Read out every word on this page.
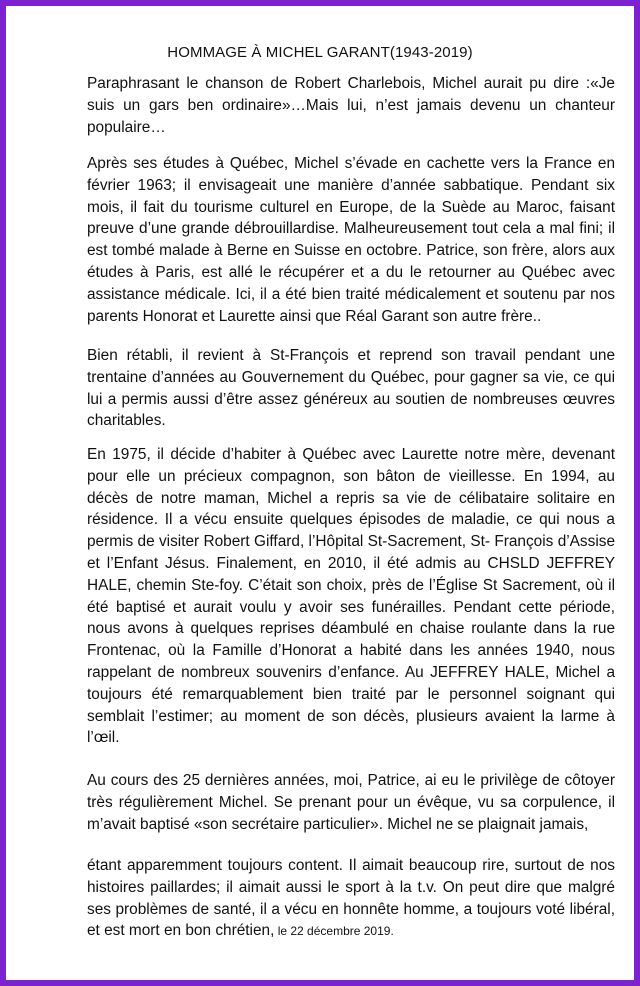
HOMMAGE À MICHEL GARANT(1943-2019)

Paraphrasant le chanson de Robert Charlebois, Michel aurait pu dire :«Je suis un gars ben ordinaire»…Mais lui, n’est jamais devenu un chanteur populaire…

Après ses études à Québec, Michel s’évade en cachette vers la France en février 1963; il envisageait une manière d’année sabbatique. Pendant six mois, il fait du tourisme culturel en Europe, de la Suède au Maroc, faisant preuve d’une grande débrouillardise. Malheureusement tout cela a mal fini; il est tombé malade à Berne en Suisse en octobre. Patrice, son frère, alors aux études à Paris, est allé le récupérer et a du le retourner au Québec avec assistance médicale. Ici, il a été bien traité médicalement et soutenu par nos parents Honorat et Laurette ainsi que Réal Garant son autre frère..

Bien rétabli, il revient à St-François et reprend son travail pendant une trentaine d’années au Gouvernement du Québec, pour gagner sa vie, ce qui lui a permis aussi d’être assez généreux au soutien de nombreuses œuvres charitables.

En 1975, il décide d’habiter à Québec avec Laurette notre mère, devenant pour elle un précieux compagnon, son bâton de vieillesse. En 1994, au décès de notre maman, Michel a repris sa vie de célibataire solitaire en résidence. Il a vécu ensuite quelques épisodes de maladie, ce qui nous a permis de visiter Robert Giffard, l’Hôpital St-Sacrement, St- François d’Assise et l’Enfant Jésus. Finalement, en 2010, il été admis au CHSLD JEFFREY HALE, chemin Ste-foy. C’était son choix, près de l’Église St Sacrement, où il été baptisé et aurait voulu y avoir ses funérailles. Pendant cette période, nous avons à quelques reprises déambulé en chaise roulante dans la rue Frontenac, où la Famille d’Honorat a habité dans les années 1940, nous rappelant de nombreux souvenirs d’enfance. Au JEFFREY HALE, Michel a toujours été remarquablement bien traité par le personnel soignant qui semblait l’estimer; au moment de son décès, plusieurs avaient la larme à l’œil.

Au cours des 25 dernières années, moi, Patrice, ai eu le privilège de côtoyer très régulièrement Michel. Se prenant pour un évêque, vu sa corpulence, il m’avait baptisé «son secrétaire particulier». Michel ne se plaignait jamais,

étant apparemment toujours content. Il aimait beaucoup rire, surtout de nos histoires paillardes; il aimait aussi le sport à la t.v. On peut dire que malgré ses problèmes de santé, il a vécu en honnête homme, a toujours voté libéral, et est mort en bon chrétien, le 22 décembre 2019.
